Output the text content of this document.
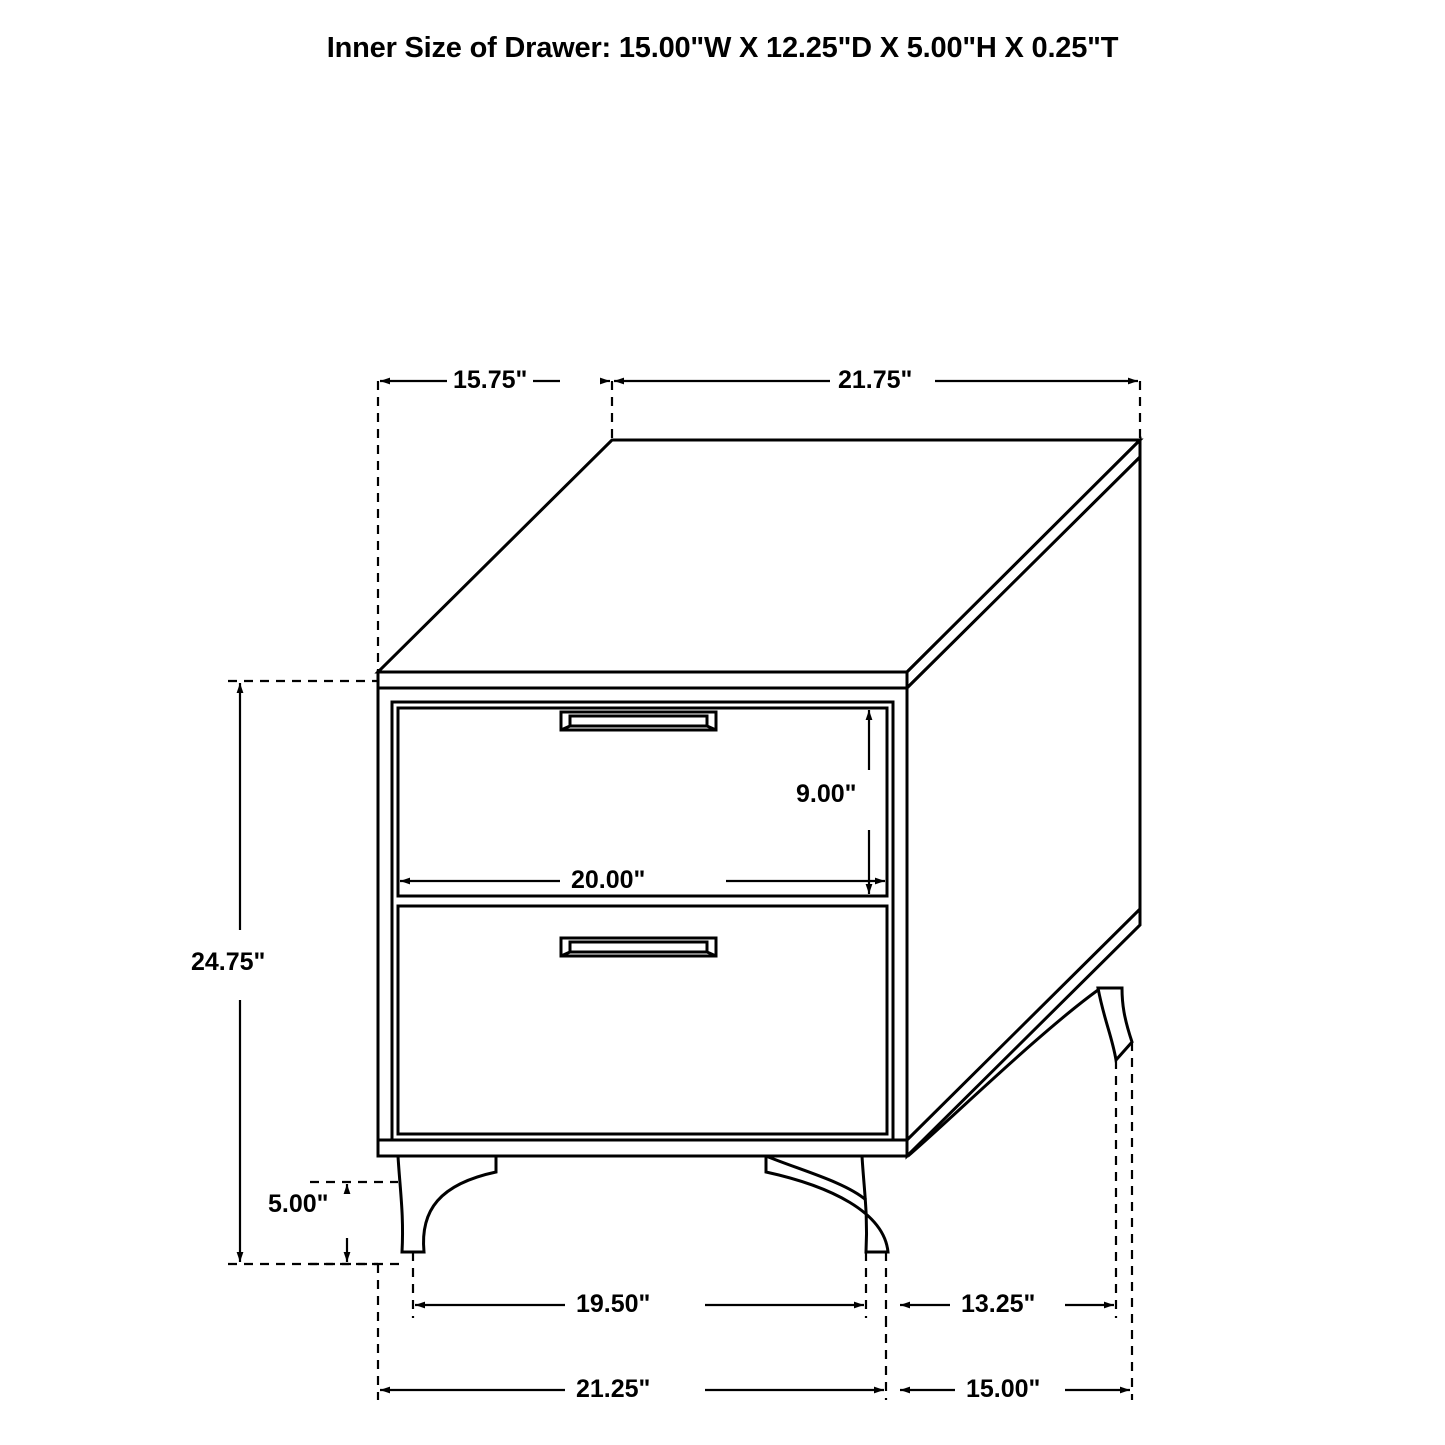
Inner Size of Drawer: 15.00"W X 12.25"D X 5.00"H X 0.25"T
15.75"	21.75"
9.00"
20.00"
24.75"
5.00"
19.50"	13.25"
21.25"	15.00"
